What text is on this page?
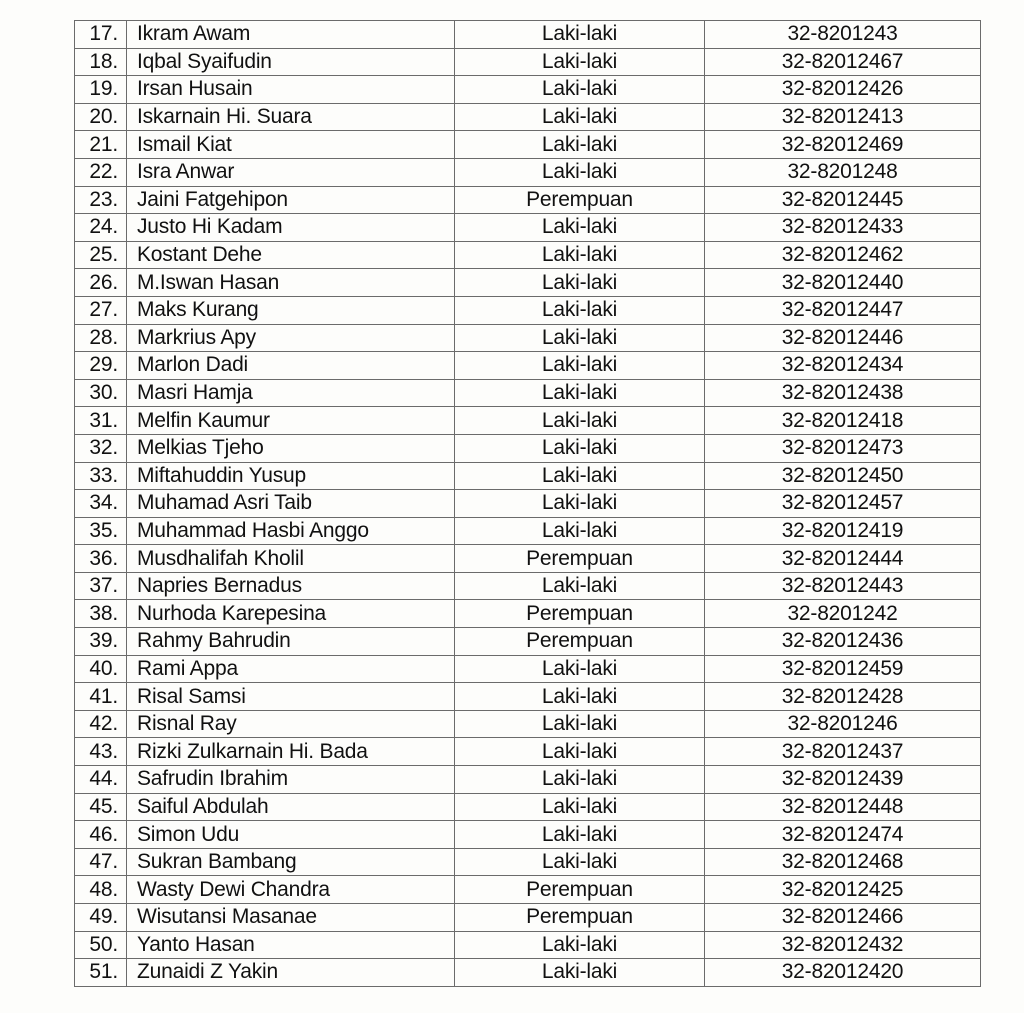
17.	Ikram Awam	Laki-laki	32-8201243
18.	Iqbal Syaifudin	Laki-laki	32-82012467
19.	Irsan Husain	Laki-laki	32-82012426
20.	Iskarnain Hi. Suara	Laki-laki	32-82012413
21.	Ismail Kiat	Laki-laki	32-82012469
22.	Isra Anwar	Laki-laki	32-8201248
23.	Jaini Fatgehipon	Perempuan	32-82012445
24.	Justo Hi Kadam	Laki-laki	32-82012433
25.	Kostant Dehe	Laki-laki	32-82012462
26.	M.Iswan Hasan	Laki-laki	32-82012440
27.	Maks Kurang	Laki-laki	32-82012447
28.	Markrius Apy	Laki-laki	32-82012446
29.	Marlon Dadi	Laki-laki	32-82012434
30.	Masri Hamja	Laki-laki	32-82012438
31.	Melfin Kaumur	Laki-laki	32-82012418
32.	Melkias Tjeho	Laki-laki	32-82012473
33.	Miftahuddin Yusup	Laki-laki	32-82012450
34.	Muhamad Asri Taib	Laki-laki	32-82012457
35.	Muhammad Hasbi Anggo	Laki-laki	32-82012419
36.	Musdhalifah Kholil	Perempuan	32-82012444
37.	Napries Bernadus	Laki-laki	32-82012443
38.	Nurhoda Karepesina	Perempuan	32-8201242
39.	Rahmy Bahrudin	Perempuan	32-82012436
40.	Rami Appa	Laki-laki	32-82012459
41.	Risal Samsi	Laki-laki	32-82012428
42.	Risnal Ray	Laki-laki	32-8201246
43.	Rizki Zulkarnain Hi. Bada	Laki-laki	32-82012437
44.	Safrudin Ibrahim	Laki-laki	32-82012439
45.	Saiful Abdulah	Laki-laki	32-82012448
46.	Simon Udu	Laki-laki	32-82012474
47.	Sukran Bambang	Laki-laki	32-82012468
48.	Wasty Dewi Chandra	Perempuan	32-82012425
49.	Wisutansi Masanae	Perempuan	32-82012466
50.	Yanto Hasan	Laki-laki	32-82012432
51.	Zunaidi Z Yakin	Laki-laki	32-82012420
